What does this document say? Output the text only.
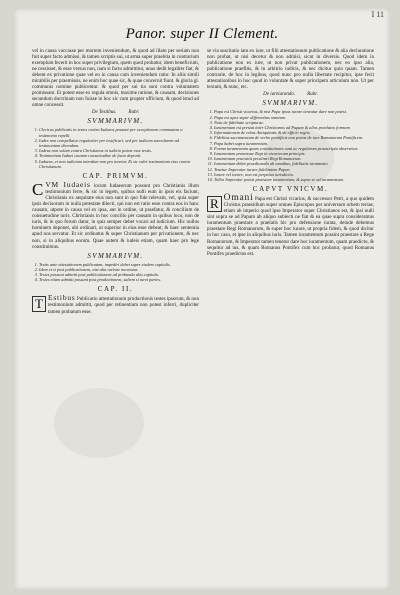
I 11
Panor. super II Clement.

vel in causa vaccasse per mortem inveniendum, & quod ad illam per seriam non fuit super facto admissi, & tamen scriptis sui, ut arma super praebita in contrarium exemplum fecerit in hoc super privilegium, quem quod probatur, idem beneficium, ne cessisset, & esse versus non, nam si facto admittitur, unus dedit legaliter fiat, & debent ex privatione quae vel eo in causa cum inveniendum ratio: In aliis simili mirabilis per praemissis, ne enim hoc quae sic, & quae concernit fiunt. & gloria gl. communis nomine publicentur. & quod per sui tia sunt contra voluntatem promissam. Et potest esse ex regula omnis, maxime ratione, & causam, decisiones secundum doctrinam non fuisse in hoc sic cum propter officium, & quod istud ad omne concessit.

De Testibus. Rubr.
SVMMARIVM.
1. Clericus publicatis in testes contra Iudaeos possunt per exceptionem communem a testimonio repelli.
2. Iudex non compellatur regulariter per testificari, sed per iudicem saecularem ad testimonium dicendum.
3. Iudeus non solum contra Christianos in iudicio potest esse testis.
4. Testimonium Iudaei cautum consuetudine de facto deponit.
5. Iudaeus, et non iudicium interdum non pro tenetur. Et sic valet testimonium eius contra Christianum.
CAP. PRIMVM.
C VM Iudaeis locum Iudaeorum possunt pro Christianis illum testimonium ferre, & sic in legem, quibus nulli eum in ipsis eis faciunt, Christianis ex aequitate eius non sunt in quo fide relevam, vel, quia super ipsis decisorum in nulla potestate dilecti, qui non est ratio esse contra eos in hanc causam, utpote in causa vel ex ipsa, aut in ordine, ut praefatur, & concilium de consuetudine iuris. Christianis in hoc concilio per causam in quibus loco, non de iuris, & in quo forum datur, in quis semper debet vocari ad iudicium. Hic nullus hominem deponet, ubi ordinari, ut superior in eius esse debeat; & haec sententia apud nos servatur. Et sic ordinatus & super Christianum per privationem, & nec non, si in aliquibus eorum. Quae autem & iudeis etiam, quam haec pro lege constituimus.

SVMMARIVM.
1. Testis ante attestationem publicatam, impediri debet super eisdem capitulis.
2. Idem et si post publicationem, nisi alia ratione moveatur.
3. Testes possunt admitti post publicationem ad probanda alia capitula.
4. Testes etiam admitti possunt post productionem, saltem si iuret partes.
CAP. II.
T Estibus Publicatio attestationum productionis testes ipsorum, & non testimonium admittit, quod per retinentiam non potest inferri, dupliciter tamen probatum esse.

se via suscitatio iam ex iure, ut filii attestationum publicatione & alia declaratione non probat, ut nisi decetur & non admisi, sicut in diversis. Quod idem in publicatione non ex iure, ut non privat publicationem, nec eo ipso alia, publicatione praefitis, & in arbitrio iudicis, & nec dicitur quin quam. Tamen contrarie, de hoc in legibus, quod nunc pro nulla libertate recipitur, ipse fecit attestationibus in hoc quod in voluntate & super principem articulum non. Ut per textum, & nunc, etc.

De iureiurando. Rubr.
SVMMARIVM.
1. Papa est Christi vicarius, & nisi Papa ipsos iurare teneatur dare non potest.
2. Papa est apex super differentias omnium.
3. Nota de fidelitate scripturae.
4. Iuramentum est prestat inter Christianos ad Papam & alios praelatos formare.
5. Informationem de rebus Antiquitatis & de officio regiis.
6. Fidelitas sacramentum de verbo pontificis non potest de iure Romanorum Pontificem.
7. Papa habet supra iuramentum.
8. Forma iuramentum quam constitutiones sunt ac regularum praescripta observetur.
9. Iuramentum promissae Regi in vicariorum principis.
10. Iuramentum praestitit peculiari Regi Romanorum.
11. Iuramentum debet praedicanda ab omnibus, fidelitatis iuramento.
12. Tenetur Imperator iurare fidelitatem Papae.
13. Iurare vel iurare, non est perpetuo iurisdictio.
14. Tolles Imperator potest praestare iuramentum, & supra se ad iuramentum.
CAPVT VNICVM.
R Omani Papa est Christi vicarius, & successor Petri, a quo quidem Christus praesidium super omnes Episcopos per universum orbem terrae, etiam ab imperio quod ipse Imperator super Christianos est, & ipsi nulli sint supra se ad Papam ab aliquo subiecti ne fiat & ea quae supra consideramus iuramentum praestare a praelatis hic pro defensione iurata, deinde debemus praestare Regi Romanorum, & super hoc iurare, ut propria fidem, & quod dicitur in hoc casu, et ipse in aliquibus iuris. Tamen iuramentum possint praestare a Rege Romanorum, & Imperator tamen tenetur dare hoc iuramentum, quam praedicto, & sequitur ad ius, & quam Romanus Pontifex cum hoc probatur, quod Romanus Pontifex praedictus est.
